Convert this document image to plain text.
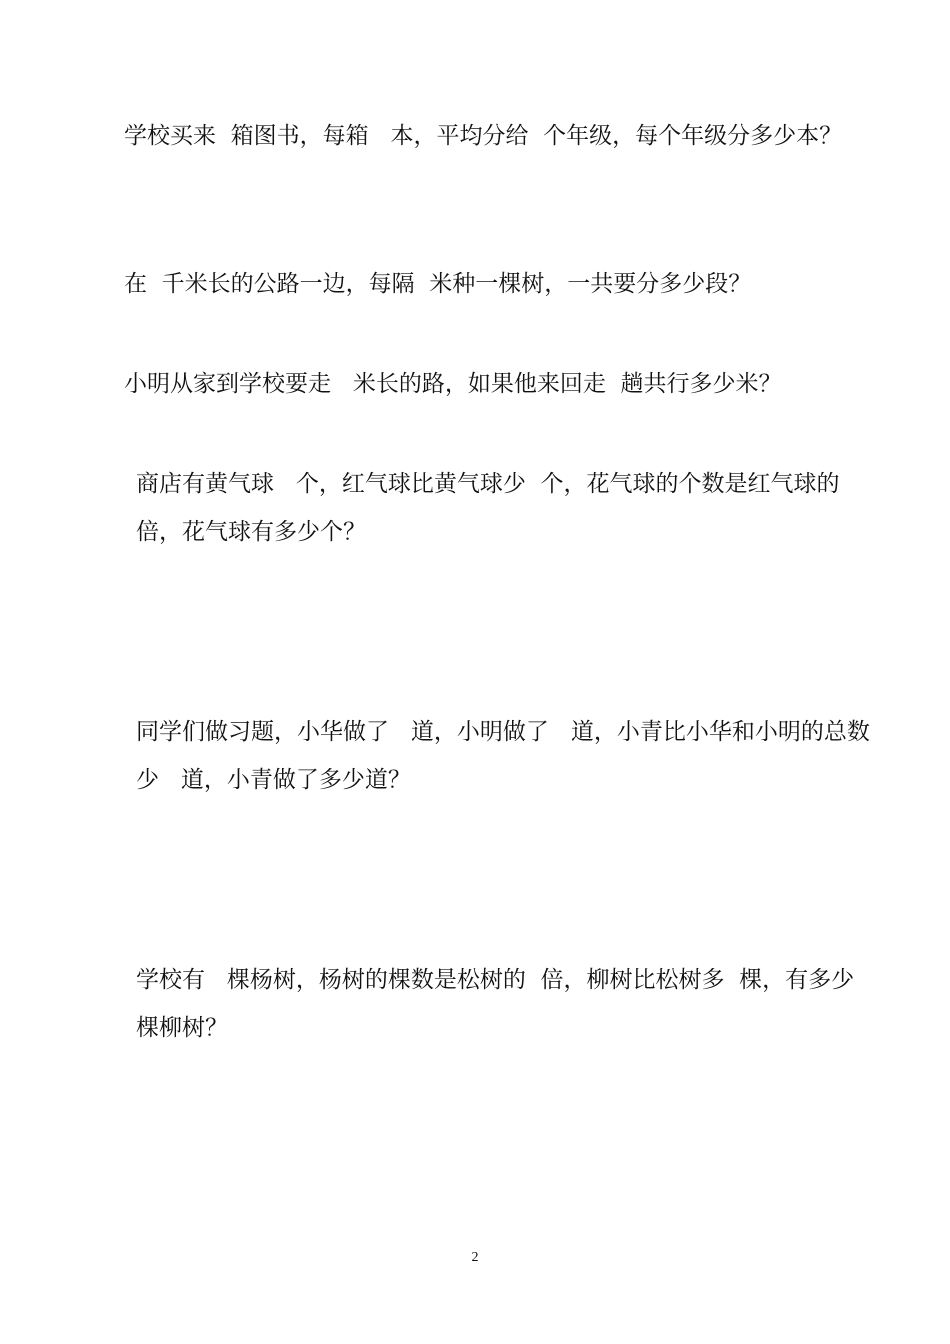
学校买来  箱图书，每箱   本，平均分给  个年级，每个年级分多少本？

在  千米长的公路一边，每隔  米种一棵树，一共要分多少段？

小明从家到学校要走   米长的路，如果他来回走  趟共行多少米？

商店有黄气球   个，红气球比黄气球少  个，花气球的个数是红气球的  倍，花气球有多少个？

同学们做习题，小华做了   道，小明做了   道，小青比小华和小明的总数少   道，小青做了多少道？

学校有   棵杨树，杨树的棵数是松树的  倍，柳树比松树多  棵，有多少棵柳树？

2
